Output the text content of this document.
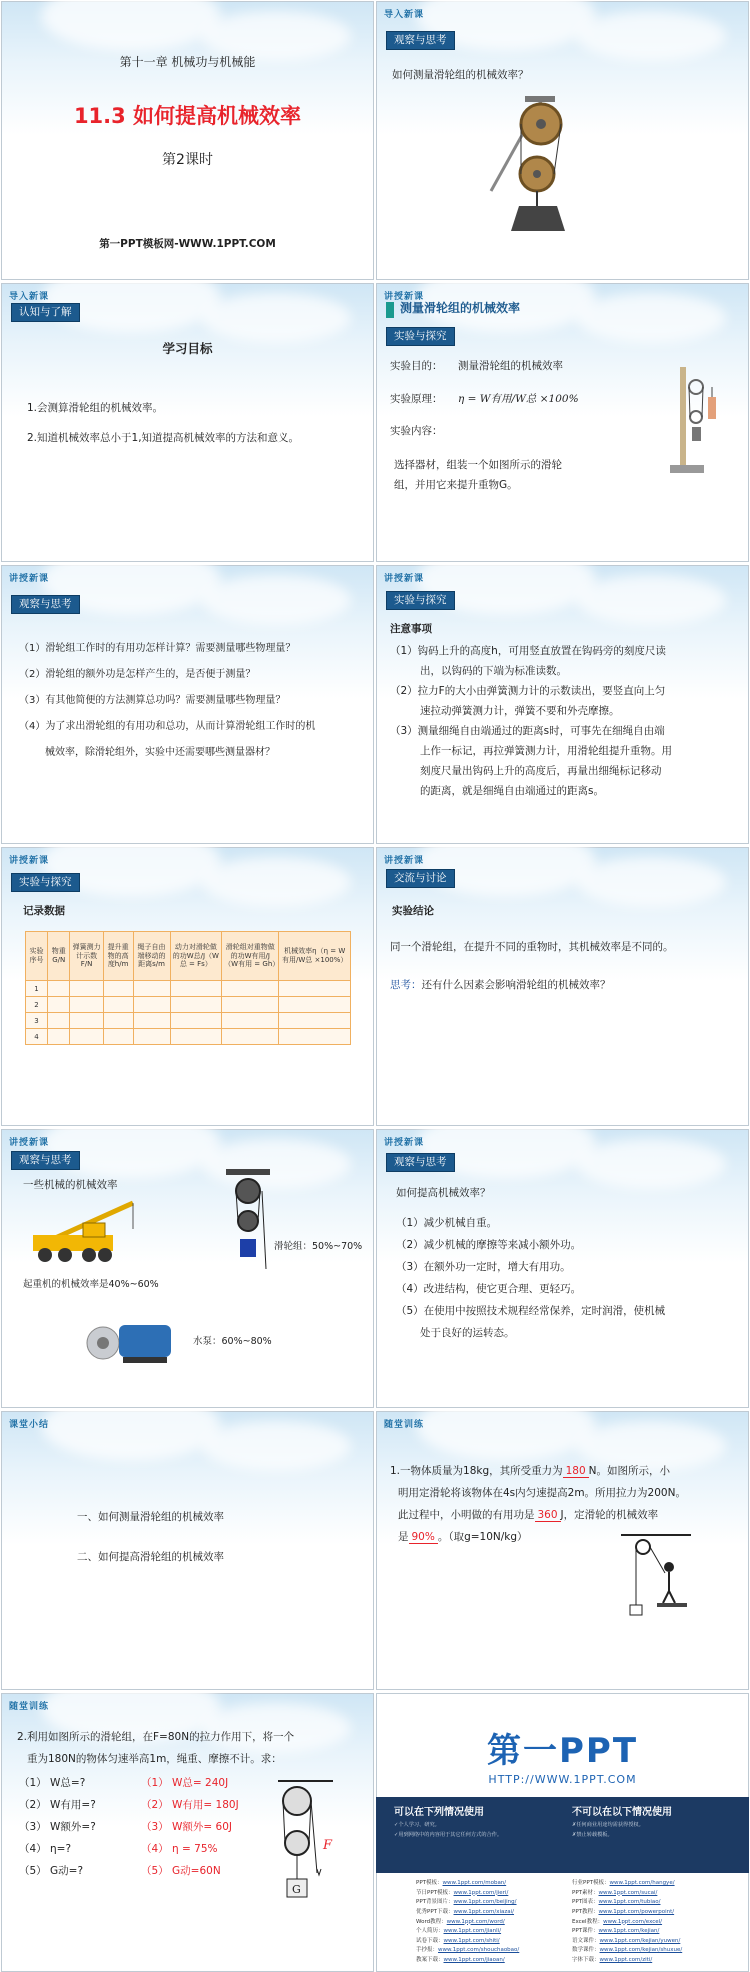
第十一章 机械功与机械能
11.3 如何提高机械效率
第2课时
第一PPT模板网-WWW.1PPT.COM
导入新课
观察与思考
如何测量滑轮组的机械效率？
导入新课
认知与了解
学习目标
1.会测算滑轮组的机械效率。
2.知道机械效率总小于1,知道提高机械效率的方法和意义。
讲授新课
测量滑轮组的机械效率
实验与探究
实验目的： 测量滑轮组的机械效率
实验原理： η = W有用/W总 ×100%
实验内容：
选择器材，组装一个如图所示的滑轮
组，并用它来提升重物G。
讲授新课
观察与思考
（1）滑轮组工作时的有用功怎样计算？需要测量哪些物理量？
（2）滑轮组的额外功是怎样产生的，是否便于测量？
（3）有其他简便的方法测算总功吗？需要测量哪些物理量？
（4）为了求出滑轮组的有用功和总功，从而计算滑轮组工作时的机
械效率，除滑轮组外，实验中还需要哪些测量器材？
讲授新课
实验与探究
注意事项
（1）钩码上升的高度h，可用竖直放置在钩码旁的刻度尺读
出，以钩码的下端为标准读数。
（2）拉力F的大小由弹簧测力计的示数读出，要竖直向上匀
速拉动弹簧测力计，弹簧不要和外壳摩擦。
（3）测量细绳自由端通过的距离s时，可事先在细绳自由端
上作一标记，再拉弹簧测力计，用滑轮组提升重物。用
刻度尺量出钩码上升的高度后，再量出细绳标记移动
的距离，就是细绳自由端通过的距离s。
讲授新课
实验与探究
记录数据
实验序号	物重G/N	弹簧测力计示数F/N	提升重物的高度h/m	绳子自由端移动的距离s/m	动力对滑轮做的功W总/J（W总 = Fs）	滑轮组对重物做的功W有用/J（W有用 = Gh）	机械效率η（η = W有用/W总 ×100%）
1							
2							
3							
4							
讲授新课
交流与讨论
实验结论
同一个滑轮组，在提升不同的重物时，其机械效率是不同的。
思考：还有什么因素会影响滑轮组的机械效率？
讲授新课
观察与思考
一些机械的机械效率
起重机的机械效率是40%~60%
滑轮组：50%~70%
水泵：60%~80%
讲授新课
观察与思考
如何提高机械效率？
（1）减少机械自重。
（2）减少机械的摩擦等来减小额外功。
（3）在额外功一定时，增大有用功。
（4）改进结构，使它更合理、更轻巧。
（5）在使用中按照技术规程经常保养，定时润滑，使机械
处于良好的运转态。
课堂小结
一、如何测量滑轮组的机械效率
二、如何提高滑轮组的机械效率
随堂训练
1.一物体质量为18kg，其所受重力为 180 N。如图所示，小
明用定滑轮将该物体在4s内匀速提高2m。所用拉力为200N。
此过程中，小明做的有用功是 360 J，定滑轮的机械效率
是 90% 。（取g=10N/kg）
随堂训练
2.利用如图所示的滑轮组，在F=80N的拉力作用下，将一个
重为180N的物体匀速举高1m，绳重、摩擦不计。求：
（1） W总=?
（2） W有用=?
（3） W额外=?
（4） η=?
（5） G动=?
（1） W总= 240J
（2） W有用= 180J
（3） W额外= 60J
（4） η = 75%
（5） G动=60N
F
G
第一PPT
HTTP://WWW.1PPT.COM
可以在下列情况使用	不可以在以下情况使用
✓个人学习、研究。
✓用到网络中的内容用于其它任何方式的合作。
✗任何商业用途均需获得授权。
✗禁止转载模板。
PPT模板：www.1ppt.com/moban/
节日PPT模板：www.1ppt.com/jieri/
PPT背景图片：www.1ppt.com/beijing/
优秀PPT下载：www.1ppt.com/xiazai/
Word教程：www.1ppt.com/word/
个人简历：www.1ppt.com/jianli/
试卷下载：www.1ppt.com/shiti/
手抄报：www.1ppt.com/shouchaobao/
教案下载：www.1ppt.com/jiaoan/
行业PPT模板：www.1ppt.com/hangye/
PPT素材：www.1ppt.com/sucai/
PPT图表：www.1ppt.com/tubiao/
PPT教程：www.1ppt.com/powerpoint/
Excel教程：www.1ppt.com/excel/
PPT课件：www.1ppt.com/kejian/
语文课件：www.1ppt.com/kejian/yuwen/
数学课件：www.1ppt.com/kejian/shuxue/
字体下载：www.1ppt.com/ziti/
